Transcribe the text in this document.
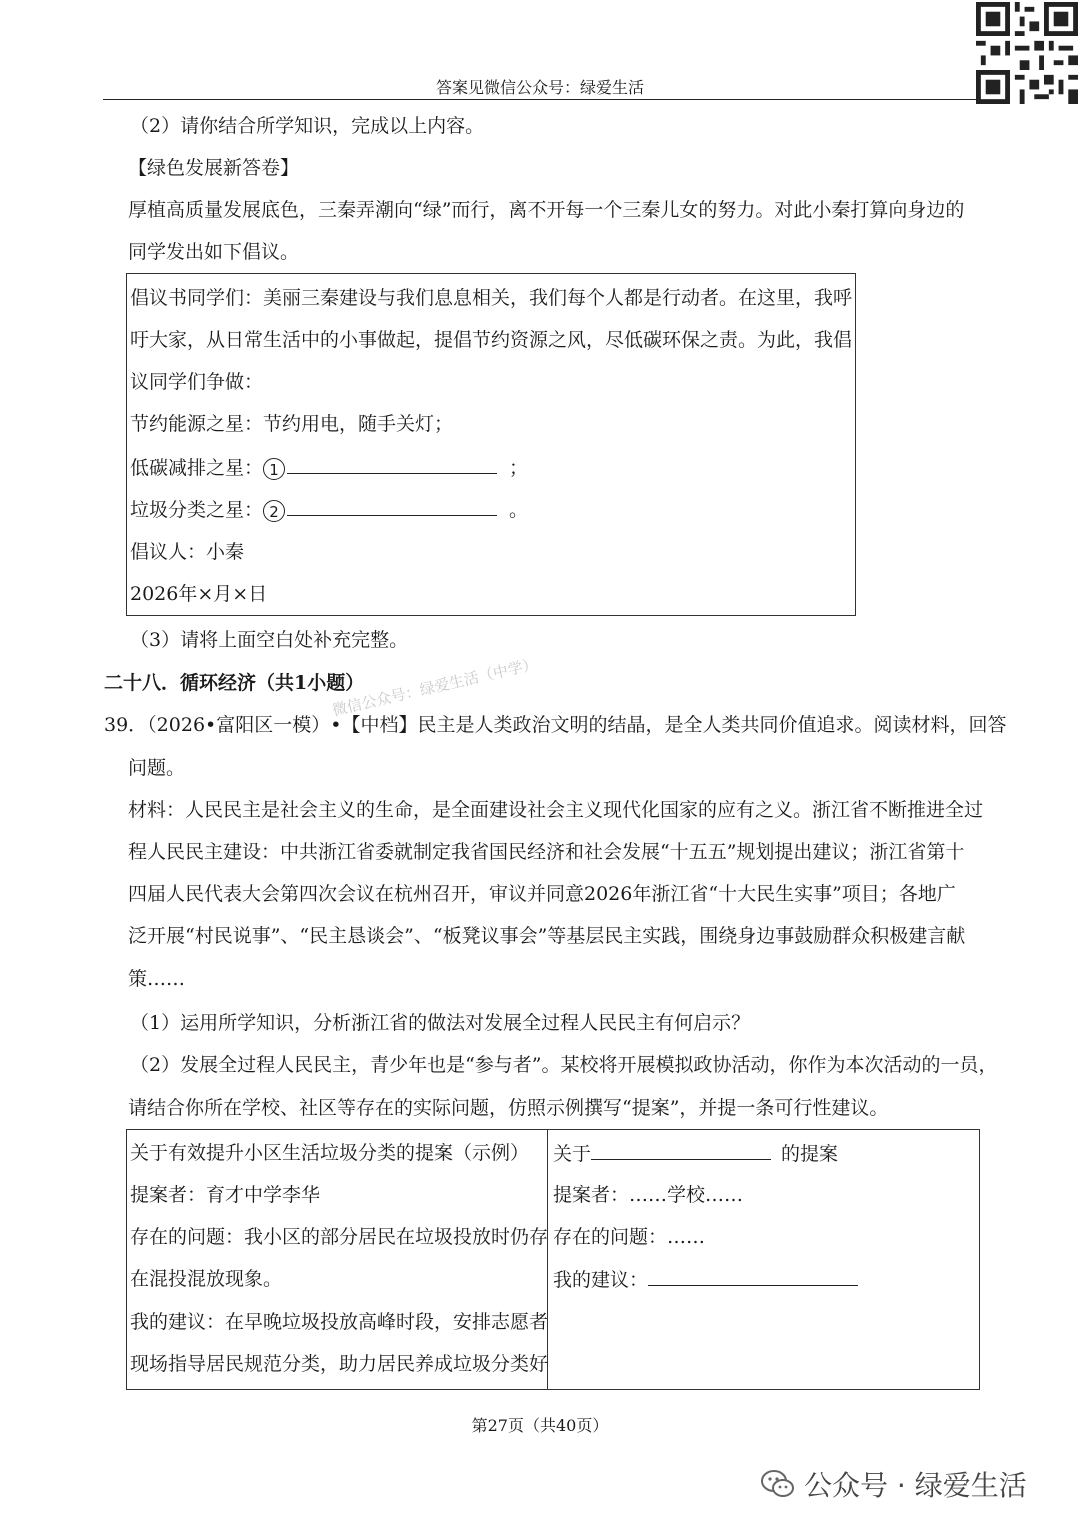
答案见微信公众号：绿爱生活
（2）请你结合所学知识，完成以上内容。
【绿色发展新答卷】
厚植高质量发展底色，三秦弄潮向“绿”而行，离不开每一个三秦儿女的努力。对此小秦打算向身边的
同学发出如下倡议。
倡议书同学们：美丽三秦建设与我们息息相关，我们每个人都是行动者。在这里，我呼
吁大家，从日常生活中的小事做起，提倡节约资源之风，尽低碳环保之责。为此，我倡
议同学们争做：
节约能源之星：节约用电，随手关灯；
低碳减排之星： 1	；
垃圾分类之星： 2	。
倡议人：小秦
2026年×月×日
（3）请将上面空白处补充完整。
二十八．循环经济（共1小题）
39．（2026•富阳区一模）•【中档】民主是人类政治文明的结晶，是全人类共同价值追求。阅读材料，回答
问题。
微信公众号：绿爱生活（中学）
材料：人民民主是社会主义的生命，是全面建设社会主义现代化国家的应有之义。浙江省不断推进全过
程人民民主建设：中共浙江省委就制定我省国民经济和社会发展“十五五”规划提出建议；浙江省第十
四届人民代表大会第四次会议在杭州召开，审议并同意2026年浙江省“十大民生实事”项目；各地广
泛开展“村民说事”、“民主恳谈会”、“板凳议事会”等基层民主实践，围绕身边事鼓励群众积极建言献
策……
（1）运用所学知识，分析浙江省的做法对发展全过程人民民主有何启示？
（2）发展全过程人民民主，青少年也是“参与者”。某校将开展模拟政协活动，你作为本次活动的一员，
请结合你所在学校、社区等存在的实际问题，仿照示例撰写“提案”，并提一条可行性建议。
关于有效提升小区生活垃圾分类的提案（示例）
提案者：育才中学李华
存在的问题：我小区的部分居民在垃圾投放时仍存
在混投混放现象。
我的建议：在早晚垃圾投放高峰时段，安排志愿者
现场指导居民规范分类，助力居民养成垃圾分类好
关于	的提案
提案者：……学校……
存在的问题：……
我的建议：
第27页（共40页）
公众号 · 绿爱生活
